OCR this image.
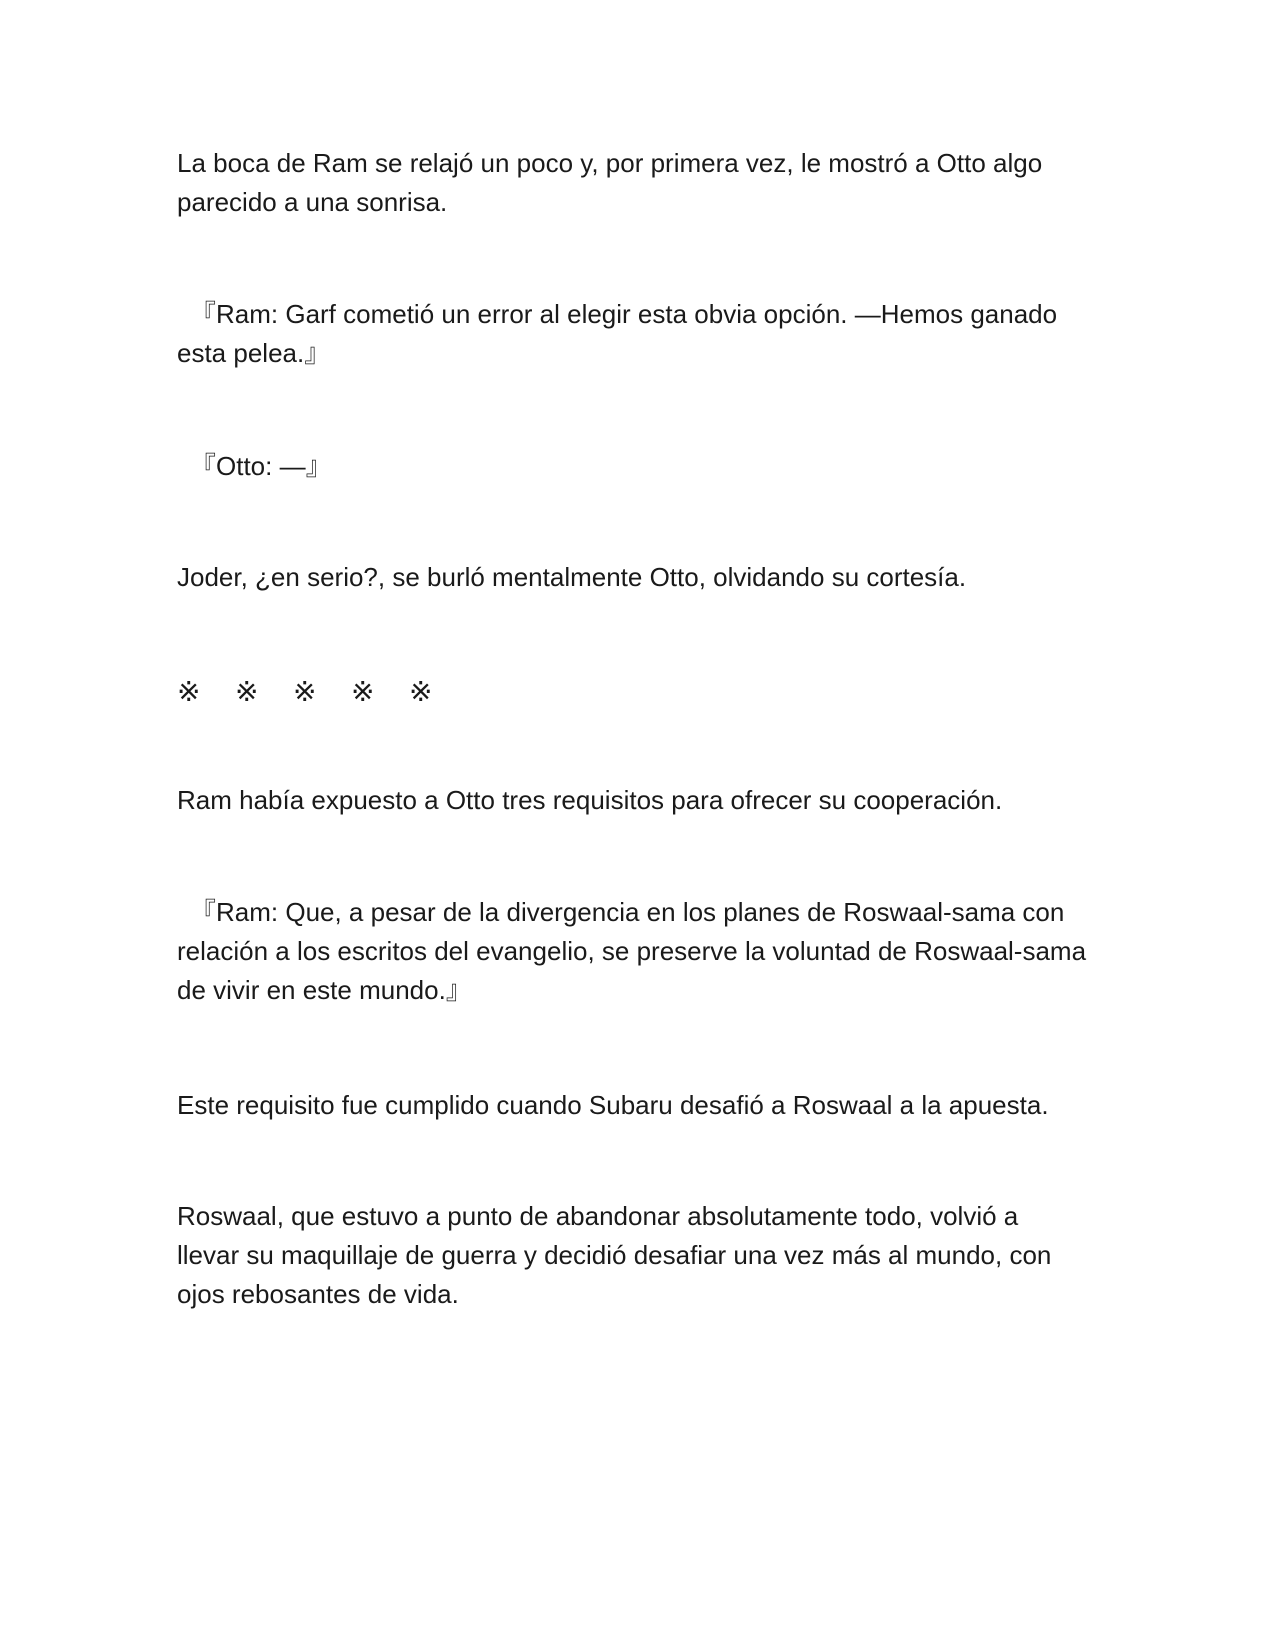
La boca de Ram se relajó un poco y, por primera vez, le mostró a Otto algo
parecido a una sonrisa.

　『Ram: Garf cometió un error al elegir esta obvia opción. —Hemos ganado
esta pelea.』

　『Otto: —』

Joder, ¿en serio?, se burló mentalmente Otto, olvidando su cortesía.

※ ※ ※ ※ ※

Ram había expuesto a Otto tres requisitos para ofrecer su cooperación.

　『Ram: Que, a pesar de la divergencia en los planes de Roswaal-sama con
relación a los escritos del evangelio, se preserve la voluntad de Roswaal-sama
de vivir en este mundo.』

Este requisito fue cumplido cuando Subaru desafió a Roswaal a la apuesta.

Roswaal, que estuvo a punto de abandonar absolutamente todo, volvió a
llevar su maquillaje de guerra y decidió desafiar una vez más al mundo, con
ojos rebosantes de vida.
